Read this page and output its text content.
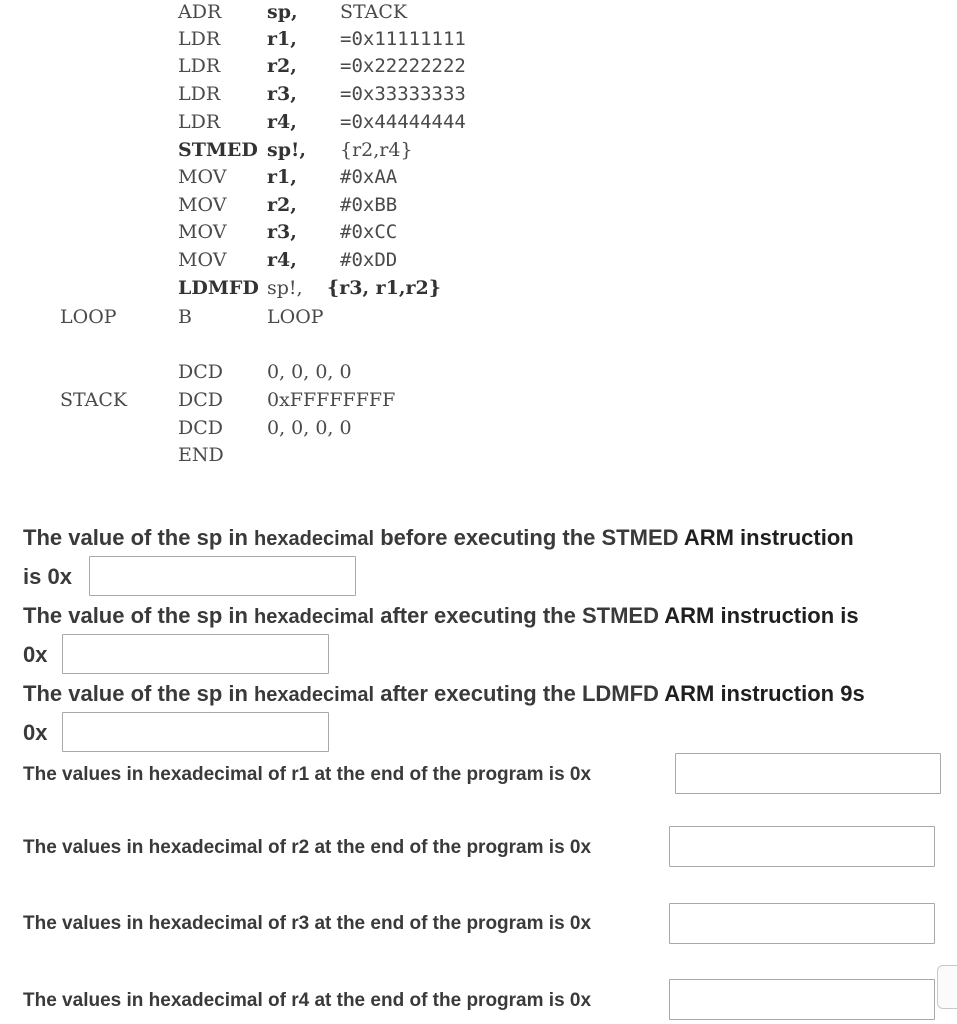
ADR sp, STACK
LDR r1, =0x11111111
LDR r2, =0x22222222
LDR r3, =0x33333333
LDR r4, =0x44444444
STMED sp!, {r2,r4}
MOV r1, #0xAA
MOV r2, #0xBB
MOV r3, #0xCC
MOV r4, #0xDD
LDMFD sp!, {r3, r1,r2}
LOOP	B	LOOP
DCD 0, 0, 0, 0
STACK	DCD 0xFFFFFFFF
DCD 0, 0, 0, 0
END
The value of the sp in hexadecimal before executing the STMED ARM instruction
is 0x
The value of the sp in hexadecimal after executing the STMED ARM instruction is
0x
The value of the sp in hexadecimal after executing the LDMFD ARM instruction 9s
0x
The values in hexadecimal of r1 at the end of the program is 0x
The values in hexadecimal of r2 at the end of the program is 0x
The values in hexadecimal of r3 at the end of the program is 0x
The values in hexadecimal of r4 at the end of the program is 0x
